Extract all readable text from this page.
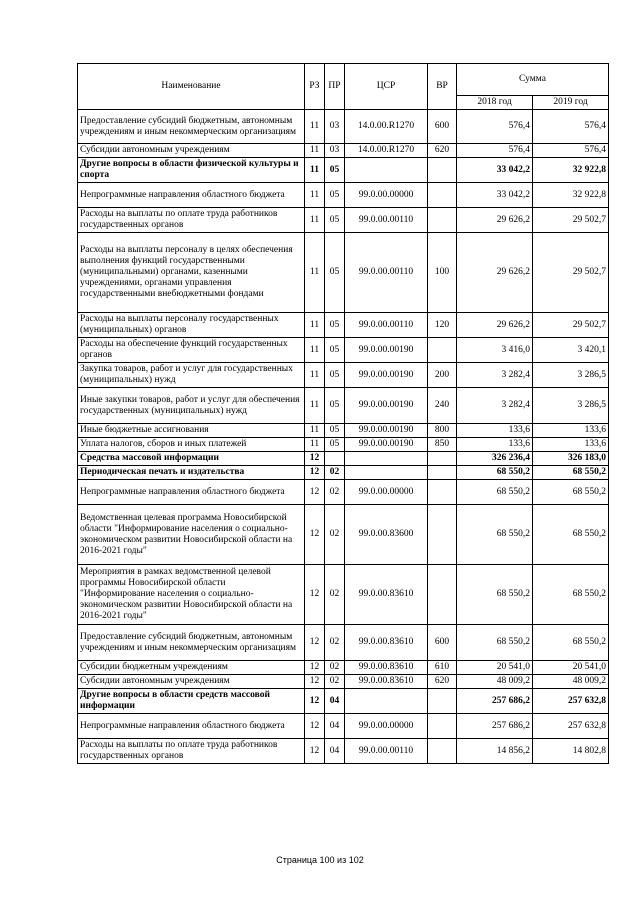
Наименование	РЗ	ПР	ЦСР	ВР	Сумма	
					2018 год	2019 год
Предоставление субсидий бюджетным, автономным учреждениям и иным некоммерческим организациям	11	03	14.0.00.R1270	600	576,4	576,4
Субсидии автономным учреждениям	11	03	14.0.00.R1270	620	576,4	576,4
Другие вопросы в области физической культуры и спорта	11	05			33 042,2	32 922,8
Непрограммные направления областного бюджета	11	05	99.0.00.00000		33 042,2	32 922,8
Расходы на выплаты по оплате труда работников государственных органов	11	05	99.0.00.00110		29 626,2	29 502,7
Расходы на выплаты персоналу в целях обеспечения выполнения функций государственными (муниципальными) органами, казенными учреждениями, органами управления государственными внебюджетными фондами	11	05	99.0.00.00110	100	29 626,2	29 502,7
Расходы на выплаты персоналу государственных (муниципальных) органов	11	05	99.0.00.00110	120	29 626,2	29 502,7
Расходы на обеспечение функций государственных органов	11	05	99.0.00.00190		3 416,0	3 420,1
Закупка товаров, работ и услуг для государственных (муниципальных) нужд	11	05	99.0.00.00190	200	3 282,4	3 286,5
Иные закупки товаров, работ и услуг для обеспечения государственных (муниципальных) нужд	11	05	99.0.00.00190	240	3 282,4	3 286,5
Иные бюджетные ассигнования	11	05	99.0.00.00190	800	133,6	133,6
Уплата налогов, сборов и иных платежей	11	05	99.0.00.00190	850	133,6	133,6
Средства массовой информации	12				326 236,4	326 183,0
Периодическая печать и издательства	12	02			68 550,2	68 550,2
Непрограммные направления областного бюджета	12	02	99.0.00.00000		68 550,2	68 550,2
Ведомственная целевая программа Новосибирской области "Информирование населения о социально-экономическом развитии Новосибирской области на 2016-2021 годы"	12	02	99.0.00.83600		68 550,2	68 550,2
Мероприятия в рамках ведомственной целевой программы Новосибирской области "Информирование населения о социально-экономическом развитии Новосибирской области на 2016-2021 годы"	12	02	99.0.00.83610		68 550,2	68 550,2
Предоставление субсидий бюджетным, автономным учреждениям и иным некоммерческим организациям	12	02	99.0.00.83610	600	68 550,2	68 550,2
Субсидии бюджетным учреждениям	12	02	99.0.00.83610	610	20 541,0	20 541,0
Субсидии автономным учреждениям	12	02	99.0.00.83610	620	48 009,2	48 009,2
Другие вопросы в области средств массовой информации	12	04			257 686,2	257 632,8
Непрограммные направления областного бюджета	12	04	99.0.00.00000		257 686,2	257 632,8
Расходы на выплаты по оплате труда работников государственных органов	12	04	99.0.00.00110		14 856,2	14 802,8
Страница 100 из 102
